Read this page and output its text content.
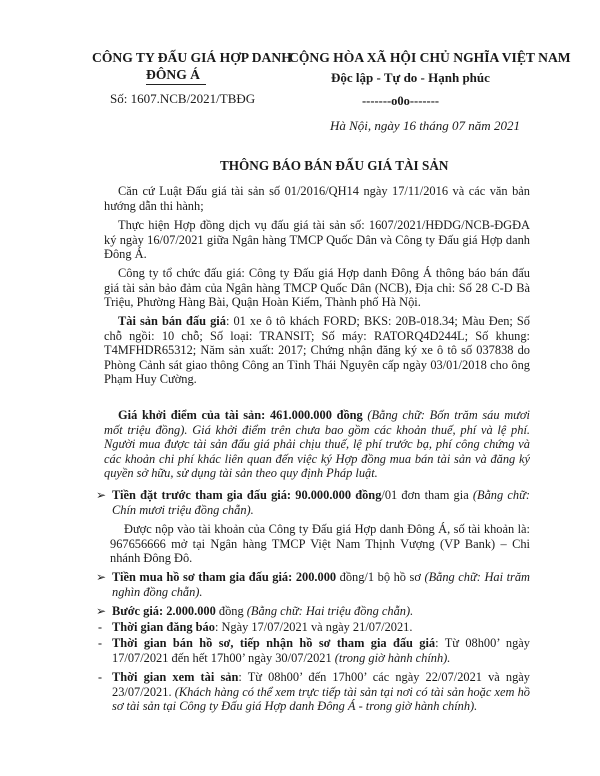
CÔNG TY ĐẤU GIÁ HỢP DANH
ĐÔNG Á
Số: 1607.NCB/2021/TBĐG
CỘNG HÒA XÃ HỘI CHỦ NGHĨA VIỆT NAM
Độc lập - Tự do - Hạnh phúc
-------o0o-------
Hà Nội, ngày 16 tháng 07 năm 2021
THÔNG BÁO BÁN ĐẤU GIÁ TÀI SẢN
Căn cứ Luật Đấu giá tài sản số 01/2016/QH14 ngày 17/11/2016 và các văn bản hướng dẫn thi hành;
Thực hiện Hợp đồng dịch vụ đấu giá tài sản số: 1607/2021/HĐDG/NCB-ĐGĐA ký ngày 16/07/2021 giữa Ngân hàng TMCP Quốc Dân và Công ty Đấu giá Hợp danh Đông Á.
Công ty tổ chức đấu giá: Công ty Đấu giá Hợp danh Đông Á thông báo bán đấu giá tài sản bảo đảm của Ngân hàng TMCP Quốc Dân (NCB), Địa chỉ: Số 28 C-D Bà Triệu, Phường Hàng Bài, Quận Hoàn Kiếm, Thành phố Hà Nội.
Tài sản bán đấu giá: 01 xe ô tô khách FORD; BKS: 20B-018.34; Màu Đen; Số chỗ ngồi: 10 chỗ; Số loại: TRANSIT; Số máy: RATORQ4D244L; Số khung: T4MFHDR65312; Năm sản xuất: 2017; Chứng nhận đăng ký xe ô tô số 037838 do Phòng Cảnh sát giao thông Công an Tỉnh Thái Nguyên cấp ngày 03/01/2018 cho ông Phạm Huy Cường.
Giá khởi điểm của tài sản: 461.000.000 đồng (Bằng chữ: Bốn trăm sáu mươi mốt triệu đồng). Giá khởi điểm trên chưa bao gồm các khoản thuế, phí và lệ phí. Người mua được tài sản đấu giá phải chịu thuế, lệ phí trước bạ, phí công chứng và các khoản chi phí khác liên quan đến việc ký Hợp đồng mua bán tài sản và đăng ký quyền sở hữu, sử dụng tài sản theo quy định Pháp luật.
➢ Tiền đặt trước tham gia đấu giá: 90.000.000 đồng/01 đơn tham gia (Bằng chữ: Chín mươi triệu đồng chẵn).
Được nộp vào tài khoản của Công ty Đấu giá Hợp danh Đông Á, số tài khoản là: 967656666 mở tại Ngân hàng TMCP Việt Nam Thịnh Vượng (VP Bank) – Chi nhánh Đông Đô.
➢ Tiền mua hồ sơ tham gia đấu giá: 200.000 đồng/1 bộ hồ sơ (Bằng chữ: Hai trăm nghìn đồng chẵn).
➢ Bước giá: 2.000.000 đồng (Bằng chữ: Hai triệu đồng chẵn).
- Thời gian đăng báo: Ngày 17/07/2021 và ngày 21/07/2021.
- Thời gian bán hồ sơ, tiếp nhận hồ sơ tham gia đấu giá: Từ 08h00’ ngày 17/07/2021 đến hết 17h00’ ngày 30/07/2021 (trong giờ hành chính).
- Thời gian xem tài sản: Từ 08h00’ đến 17h00’ các ngày 22/07/2021 và ngày 23/07/2021. (Khách hàng có thể xem trực tiếp tài sản tại nơi có tài sản hoặc xem hồ sơ tài sản tại Công ty Đấu giá Hợp danh Đông Á - trong giờ hành chính).
